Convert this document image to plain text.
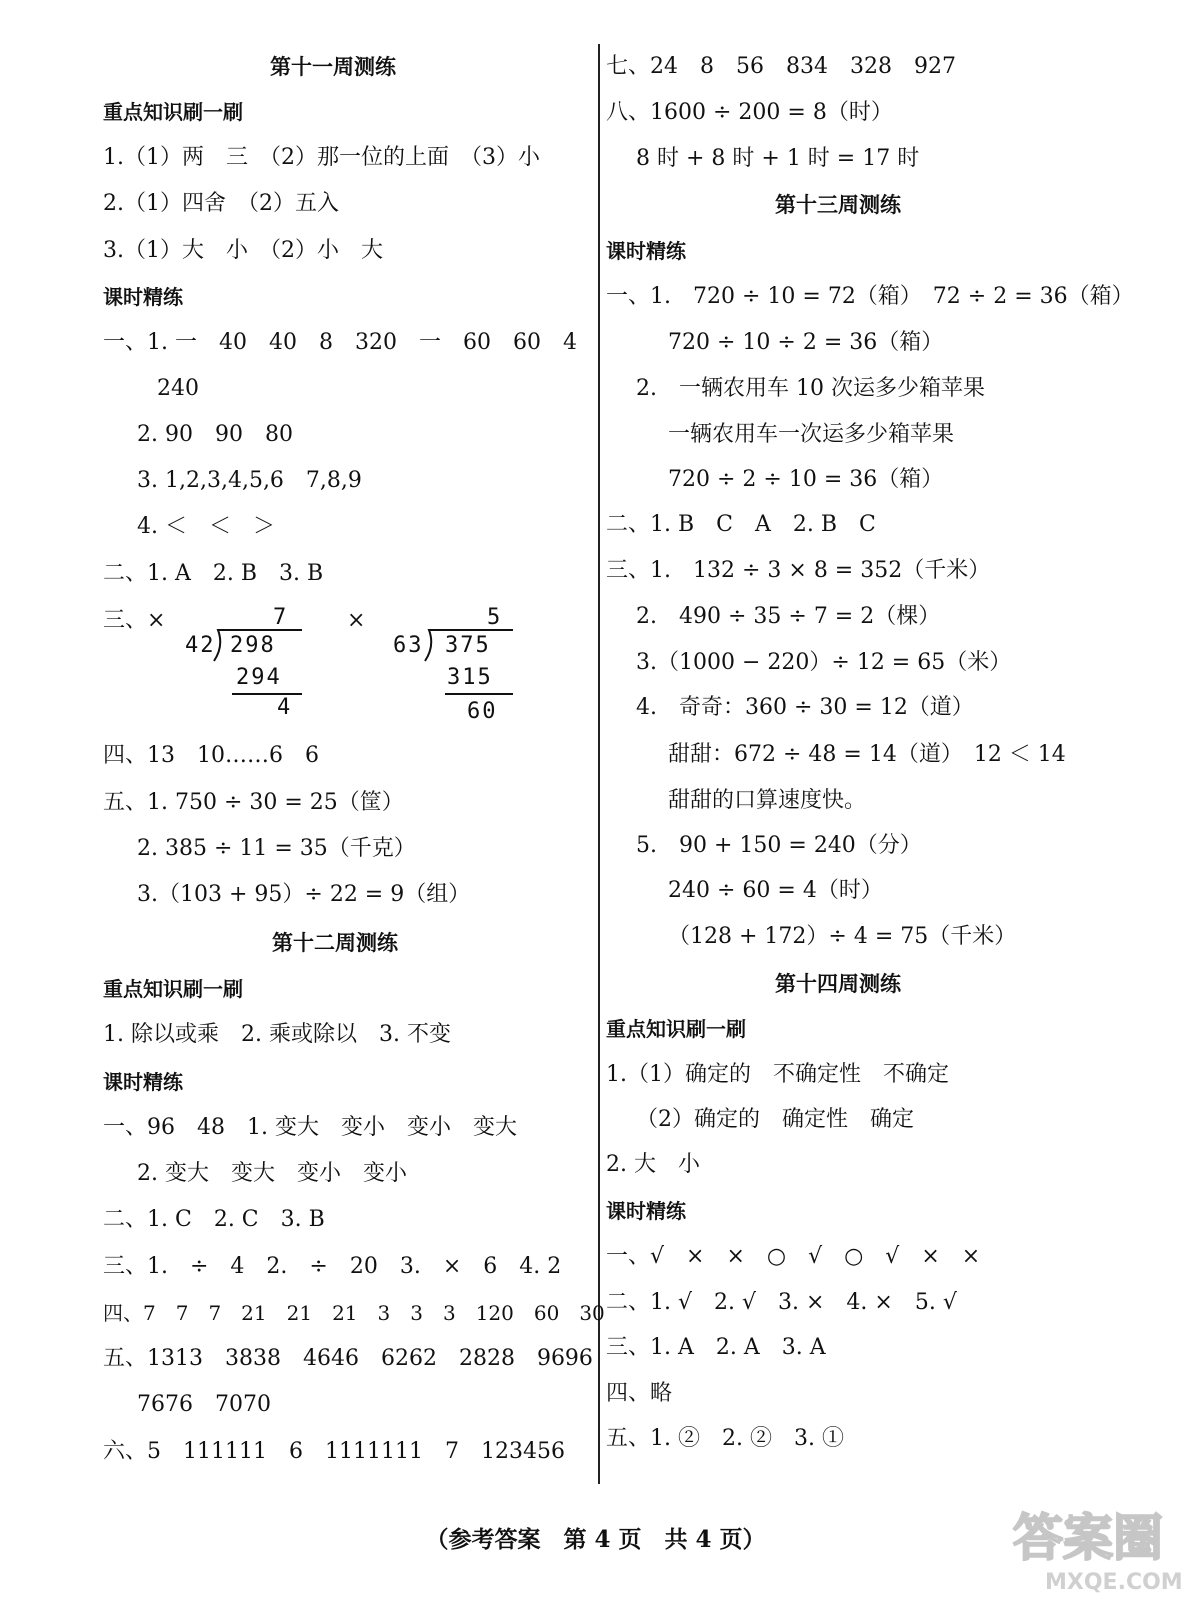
第十一周测练
重点知识刷一刷
1.（1）两　三　（2）那一位的上面　（3）小
2.（1）四舍　（2）五入
3.（1）大　小　（2）小　大
课时精练
一、1. 一　40　40　8　320　一　60　60　4
240
2. 90　90　80
3. 1,2,3,4,5,6　7,8,9
4. ＜　＜　＞
二、1. A　2. B　3. B
三、×	7
42 298
294
4
×	5
63 375
315
60
四、13　10……6　6
五、1. 750 ÷ 30 = 25（筐）
2. 385 ÷ 11 = 35（千克）
3.（103 + 95）÷ 22 = 9（组）
第十二周测练
重点知识刷一刷
1. 除以或乘　2. 乘或除以　3. 不变
课时精练
一、96　48　1. 变大　变小　变小　变大
2. 变大　变大　变小　变小
二、1. C　2. C　3. B
三、1.　÷　4　2.　÷　20　3.　×　6　4. 2
四、7　7　7　21　21　21　3　3　3　120　60　30
五、1313　3838　4646　6262　2828　9696
7676　7070
六、5　111111　6　1111111　7　123456
七、24　8　56　834　328　927
八、1600 ÷ 200 = 8（时）
8 时 + 8 时 + 1 时 = 17 时
第十三周测练
课时精练
一、1.　720 ÷ 10 = 72（箱）　72 ÷ 2 = 36（箱）
720 ÷ 10 ÷ 2 = 36（箱）
2.　一辆农用车 10 次运多少箱苹果
一辆农用车一次运多少箱苹果
720 ÷ 2 ÷ 10 = 36（箱）
二、1. B　C　A　2. B　C
三、1.　132 ÷ 3 × 8 = 352（千米）
2.　490 ÷ 35 ÷ 7 = 2（棵）
3.（1000 − 220）÷ 12 = 65（米）
4.　奇奇：360 ÷ 30 = 12（道）
甜甜：672 ÷ 48 = 14（道）　12 ＜ 14
甜甜的口算速度快。
5.　90 + 150 = 240（分）
240 ÷ 60 = 4（时）
（128 + 172）÷ 4 = 75（千米）
第十四周测练
重点知识刷一刷
1.（1）确定的　不确定性　不确定
（2）确定的　确定性　确定
2. 大　小
课时精练
一、√　×　×　○　√　○　√　×　×
二、1. √　2. √　3. ×　4. ×　5. √
三、1. A　2. A　3. A
四、略
五、1. ②　2. ②　3. ①
（参考答案　第 4 页　共 4 页）	答案圈
MXQE.COM
